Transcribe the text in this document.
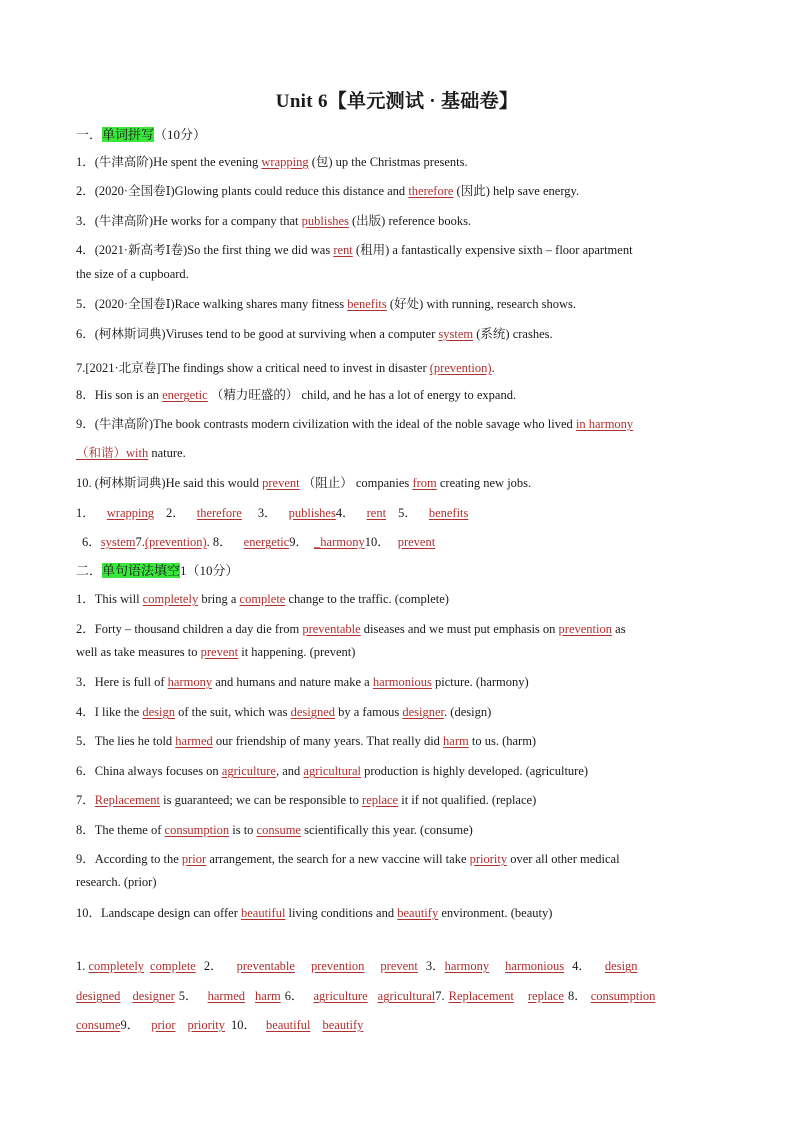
Unit 6【单元测试 · 基础卷】
一．单词拼写（10分）
1．(牛津高阶)He spent the evening wrapping (包) up the Christmas presents.
2．(2020·全国卷Ⅰ)Glowing plants could reduce this distance and therefore (因此) help save energy.
3．(牛津高阶)He works for a company that publishes (出版) reference books.
4．(2021·新高考Ⅰ卷)So the first thing we did was rent (租用) a fantastically expensive sixth – floor apartment
the size of a cupboard.
5．(2020·全国卷Ⅰ)Race walking shares many fitness benefits (好处) with running, research shows.
6．(柯林斯词典)Viruses tend to be good at surviving when a computer system (系统) crashes.
7.[2021·北京卷]The findings show a critical need to invest in disaster (prevention).
8．His son is an energetic （精力旺盛的） child, and he has a lot of energy to expand.
9．(牛津高阶)The book contrasts modern civilization with the ideal of the noble savage who lived in harmony
（和谐）with nature.
10. (柯林斯词典)He said this would prevent （阻止） companies from creating new jobs.
1． wrapping 2． therefore 3． publishes4． rent 5． benefits
6．system7.(prevention). 8． energetic9． _harmony10． prevent
二．单句语法填空1（10分）
1．This will completely bring a complete change to the traffic. (complete)
2．Forty – thousand children a day die from preventable diseases and we must put emphasis on prevention as
well as take measures to prevent it happening. (prevent)
3．Here is full of harmony and humans and nature make a harmonious picture. (harmony)
4．I like the design of the suit, which was designed by a famous designer. (design)
5．The lies he told harmed our friendship of many years. That really did harm to us. (harm)
6．China always focuses on agriculture, and agricultural production is highly developed. (agriculture)
7．Replacement is guaranteed; we can be responsible to replace it if not qualified. (replace)
8．The theme of consumption is to consume scientifically this year. (consume)
9．According to the prior arrangement, the search for a new vaccine will take priority over all other medical
research. (prior)
10．Landscape design can offer beautiful living conditions and beautify environment. (beauty)
1. completely complete 2． preventable prevention prevent 3．harmony harmonious 4． design
designed designer 5． harmed harm 6． agriculture agricultural7. Replacement replace 8． consumption
consume9． prior priority 10． beautiful beautify
